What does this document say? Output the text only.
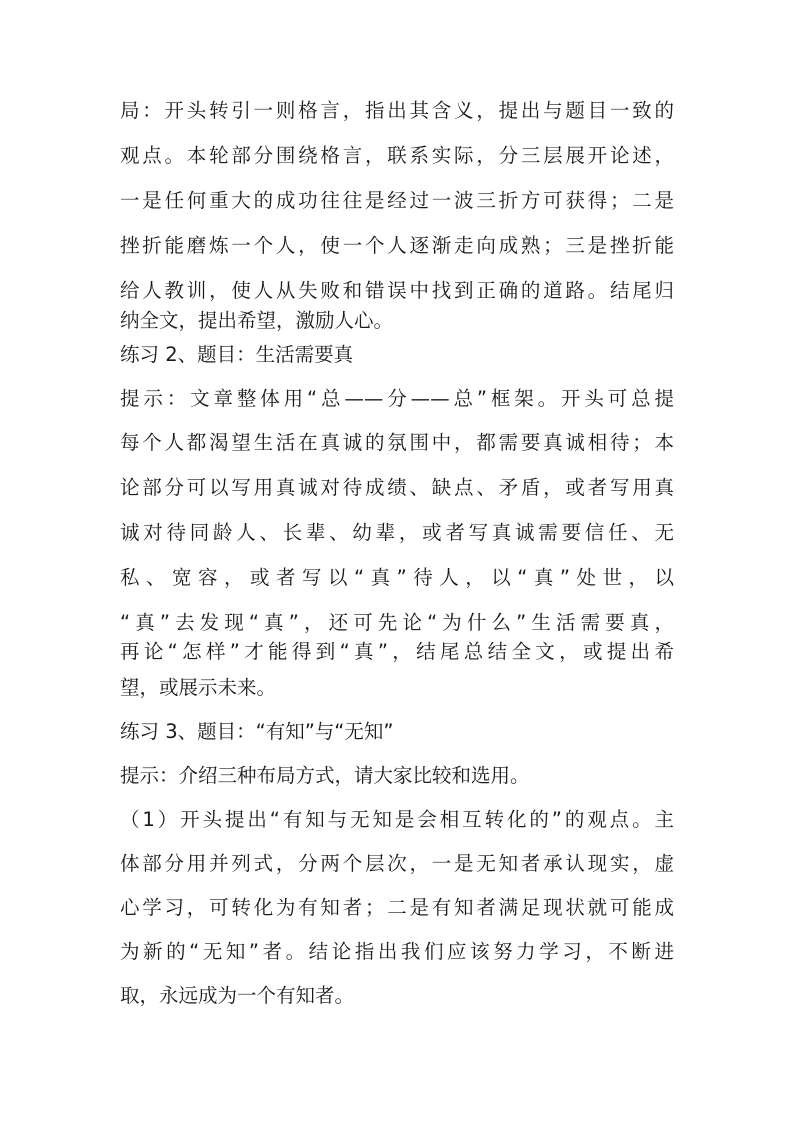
局：开头转引一则格言，指出其含义，提出与题目一致的

观点。本轮部分围绕格言，联系实际，分三层展开论述，

一是任何重大的成功往往是经过一波三折方可获得；二是

挫折能磨炼一个人，使一个人逐渐走向成熟；三是挫折能

给人教训，使人从失败和错误中找到正确的道路。结尾归

纳全文，提出希望，激励人心。

练习 2、题目：生活需要真

提示：文章整体用“总——分——总”框架。开头可总提

每个人都渴望生活在真诚的氛围中，都需要真诚相待；本

论部分可以写用真诚对待成绩、缺点、矛盾，或者写用真

诚对待同龄人、长辈、幼辈，或者写真诚需要信任、无

私、宽容，或者写以“真”待人，以“真”处世，以

“真”去发现“真”，还可先论“为什么”生活需要真，

再论“怎样”才能得到“真”，结尾总结全文，或提出希

望，或展示未来。

练习 3、题目：“有知”与“无知”

提示：介绍三种布局方式，请大家比较和选用。

（1）开头提出“有知与无知是会相互转化的”的观点。主

体部分用并列式，分两个层次，一是无知者承认现实，虚

心学习，可转化为有知者；二是有知者满足现状就可能成

为新的“无知”者。结论指出我们应该努力学习，不断进

取，永远成为一个有知者。
